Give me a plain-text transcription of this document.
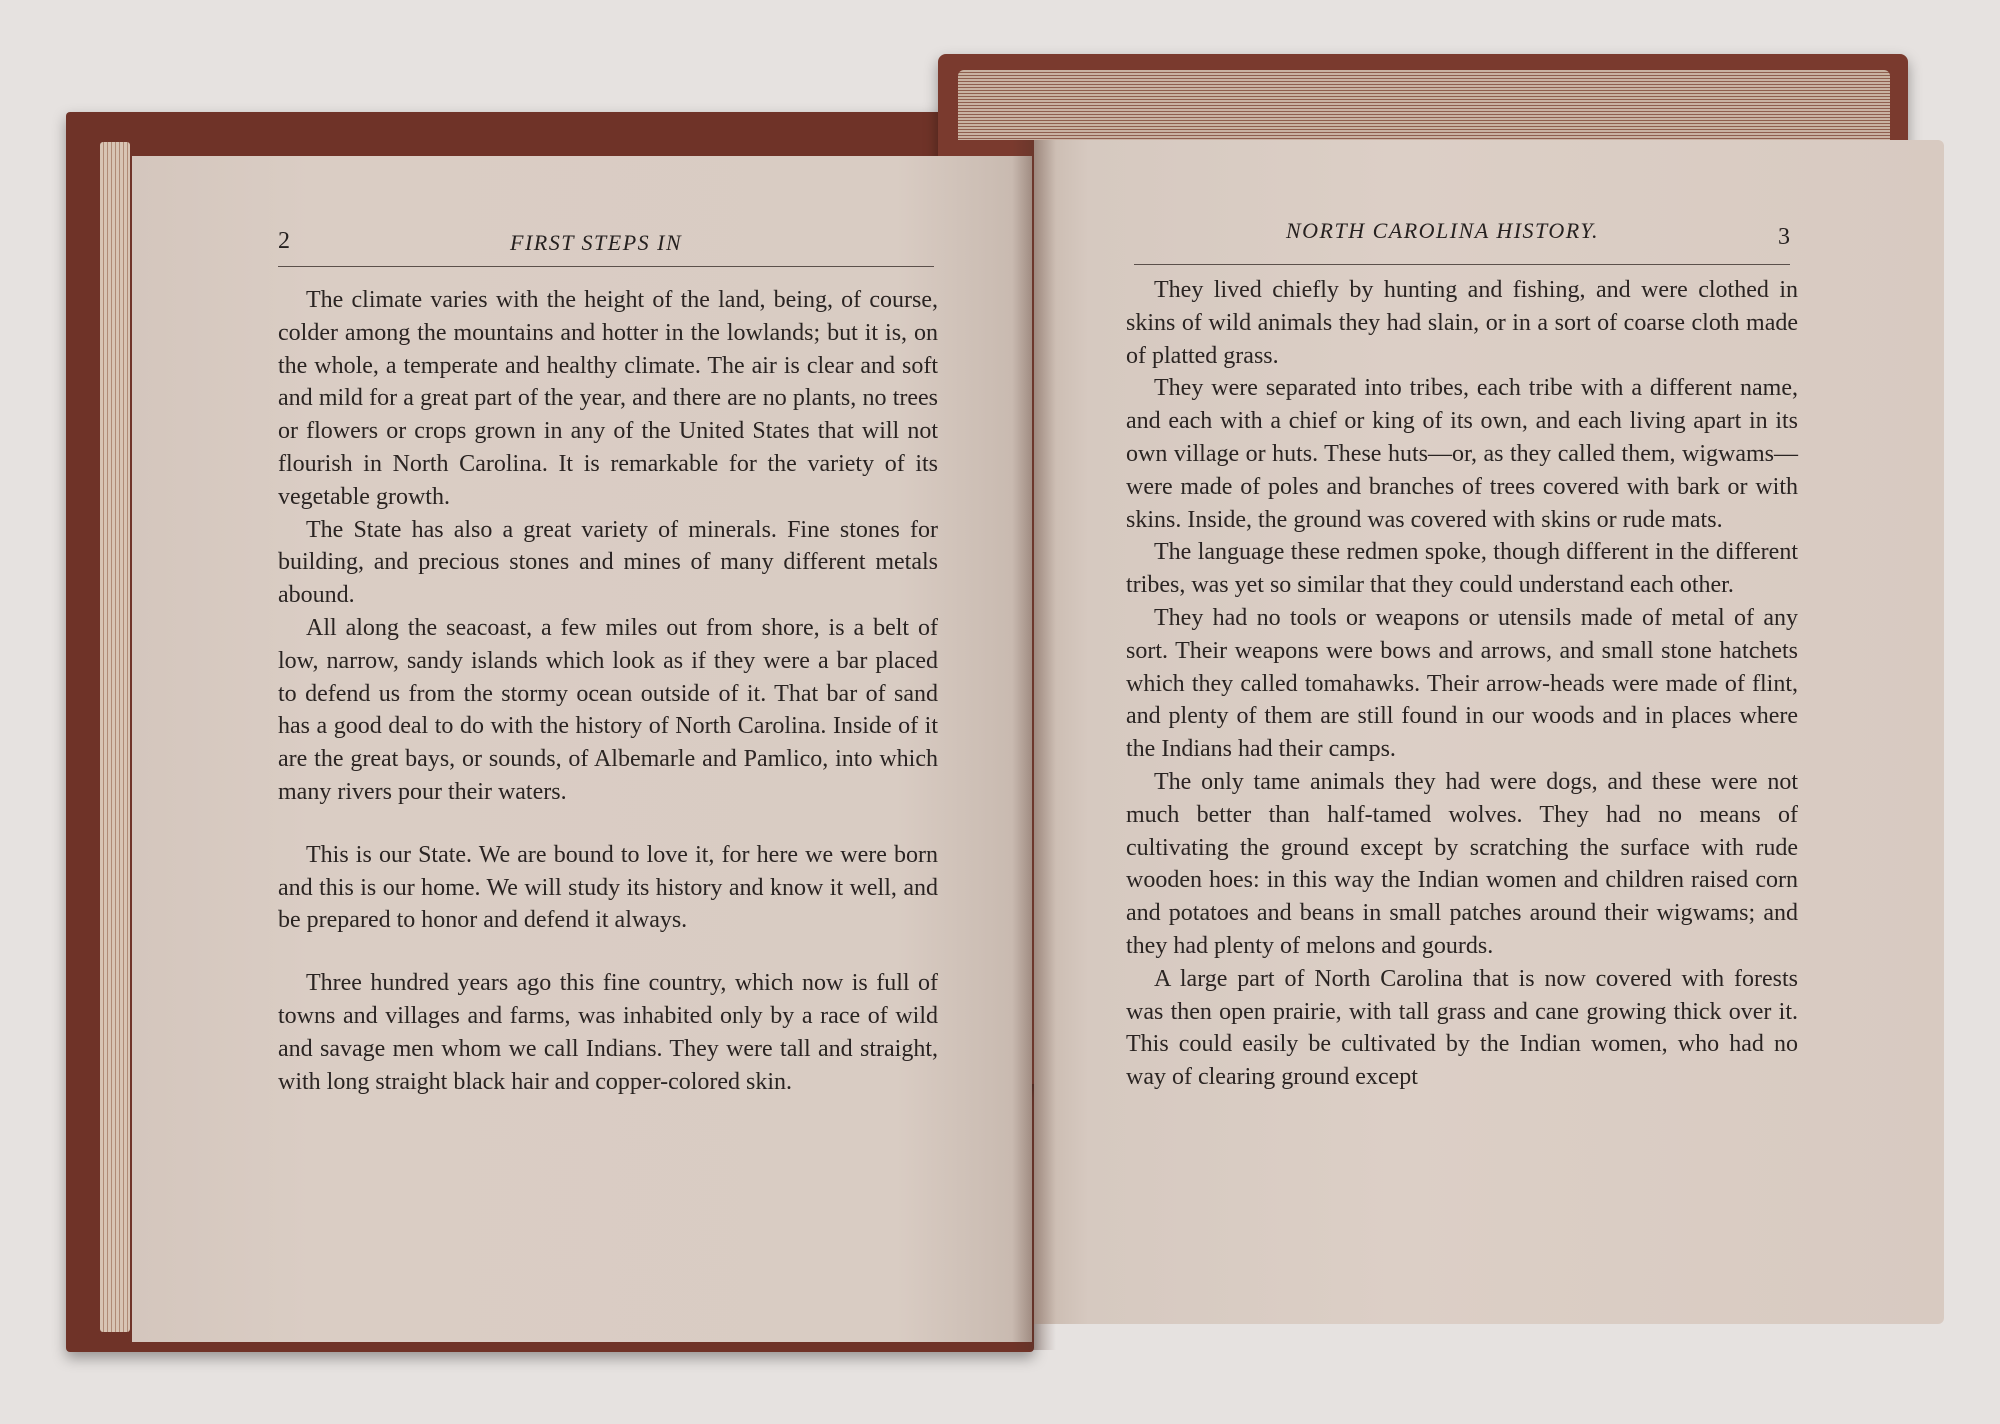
2	FIRST STEPS IN

The climate varies with the height of the land, being, of course, colder among the mountains and hotter in the lowlands; but it is, on the whole, a temperate and healthy climate. The air is clear and soft and mild for a great part of the year, and there are no plants, no trees or flowers or crops grown in any of the United States that will not flourish in North Carolina. It is remarkable for the variety of its vegetable growth.

The State has also a great variety of minerals. Fine stones for building, and precious stones and mines of many different metals abound.

All along the seacoast, a few miles out from shore, is a belt of low, narrow, sandy islands which look as if they were a bar placed to defend us from the stormy ocean outside of it. That bar of sand has a good deal to do with the history of North Carolina. Inside of it are the great bays, or sounds, of Albemarle and Pamlico, into which many rivers pour their waters.

This is our State. We are bound to love it, for here we were born and this is our home. We will study its history and know it well, and be prepared to honor and defend it always.

Three hundred years ago this fine country, which now is full of towns and villages and farms, was inhabited only by a race of wild and savage men whom we call Indians. They were tall and straight, with long straight black hair and copper-colored skin.

NORTH CAROLINA HISTORY.	3

They lived chiefly by hunting and fishing, and were clothed in skins of wild animals they had slain, or in a sort of coarse cloth made of platted grass.

They were separated into tribes, each tribe with a different name, and each with a chief or king of its own, and each living apart in its own village or huts. These huts—or, as they called them, wigwams—were made of poles and branches of trees covered with bark or with skins. Inside, the ground was covered with skins or rude mats.

The language these redmen spoke, though different in the different tribes, was yet so similar that they could understand each other.

They had no tools or weapons or utensils made of metal of any sort. Their weapons were bows and arrows, and small stone hatchets which they called tomahawks. Their arrow-heads were made of flint, and plenty of them are still found in our woods and in places where the Indians had their camps.

The only tame animals they had were dogs, and these were not much better than half-tamed wolves. They had no means of cultivating the ground except by scratching the surface with rude wooden hoes: in this way the Indian women and children raised corn and potatoes and beans in small patches around their wigwams; and they had plenty of melons and gourds.

A large part of North Carolina that is now covered with forests was then open prairie, with tall grass and cane growing thick over it. This could easily be cultivated by the Indian women, who had no way of clearing ground except
